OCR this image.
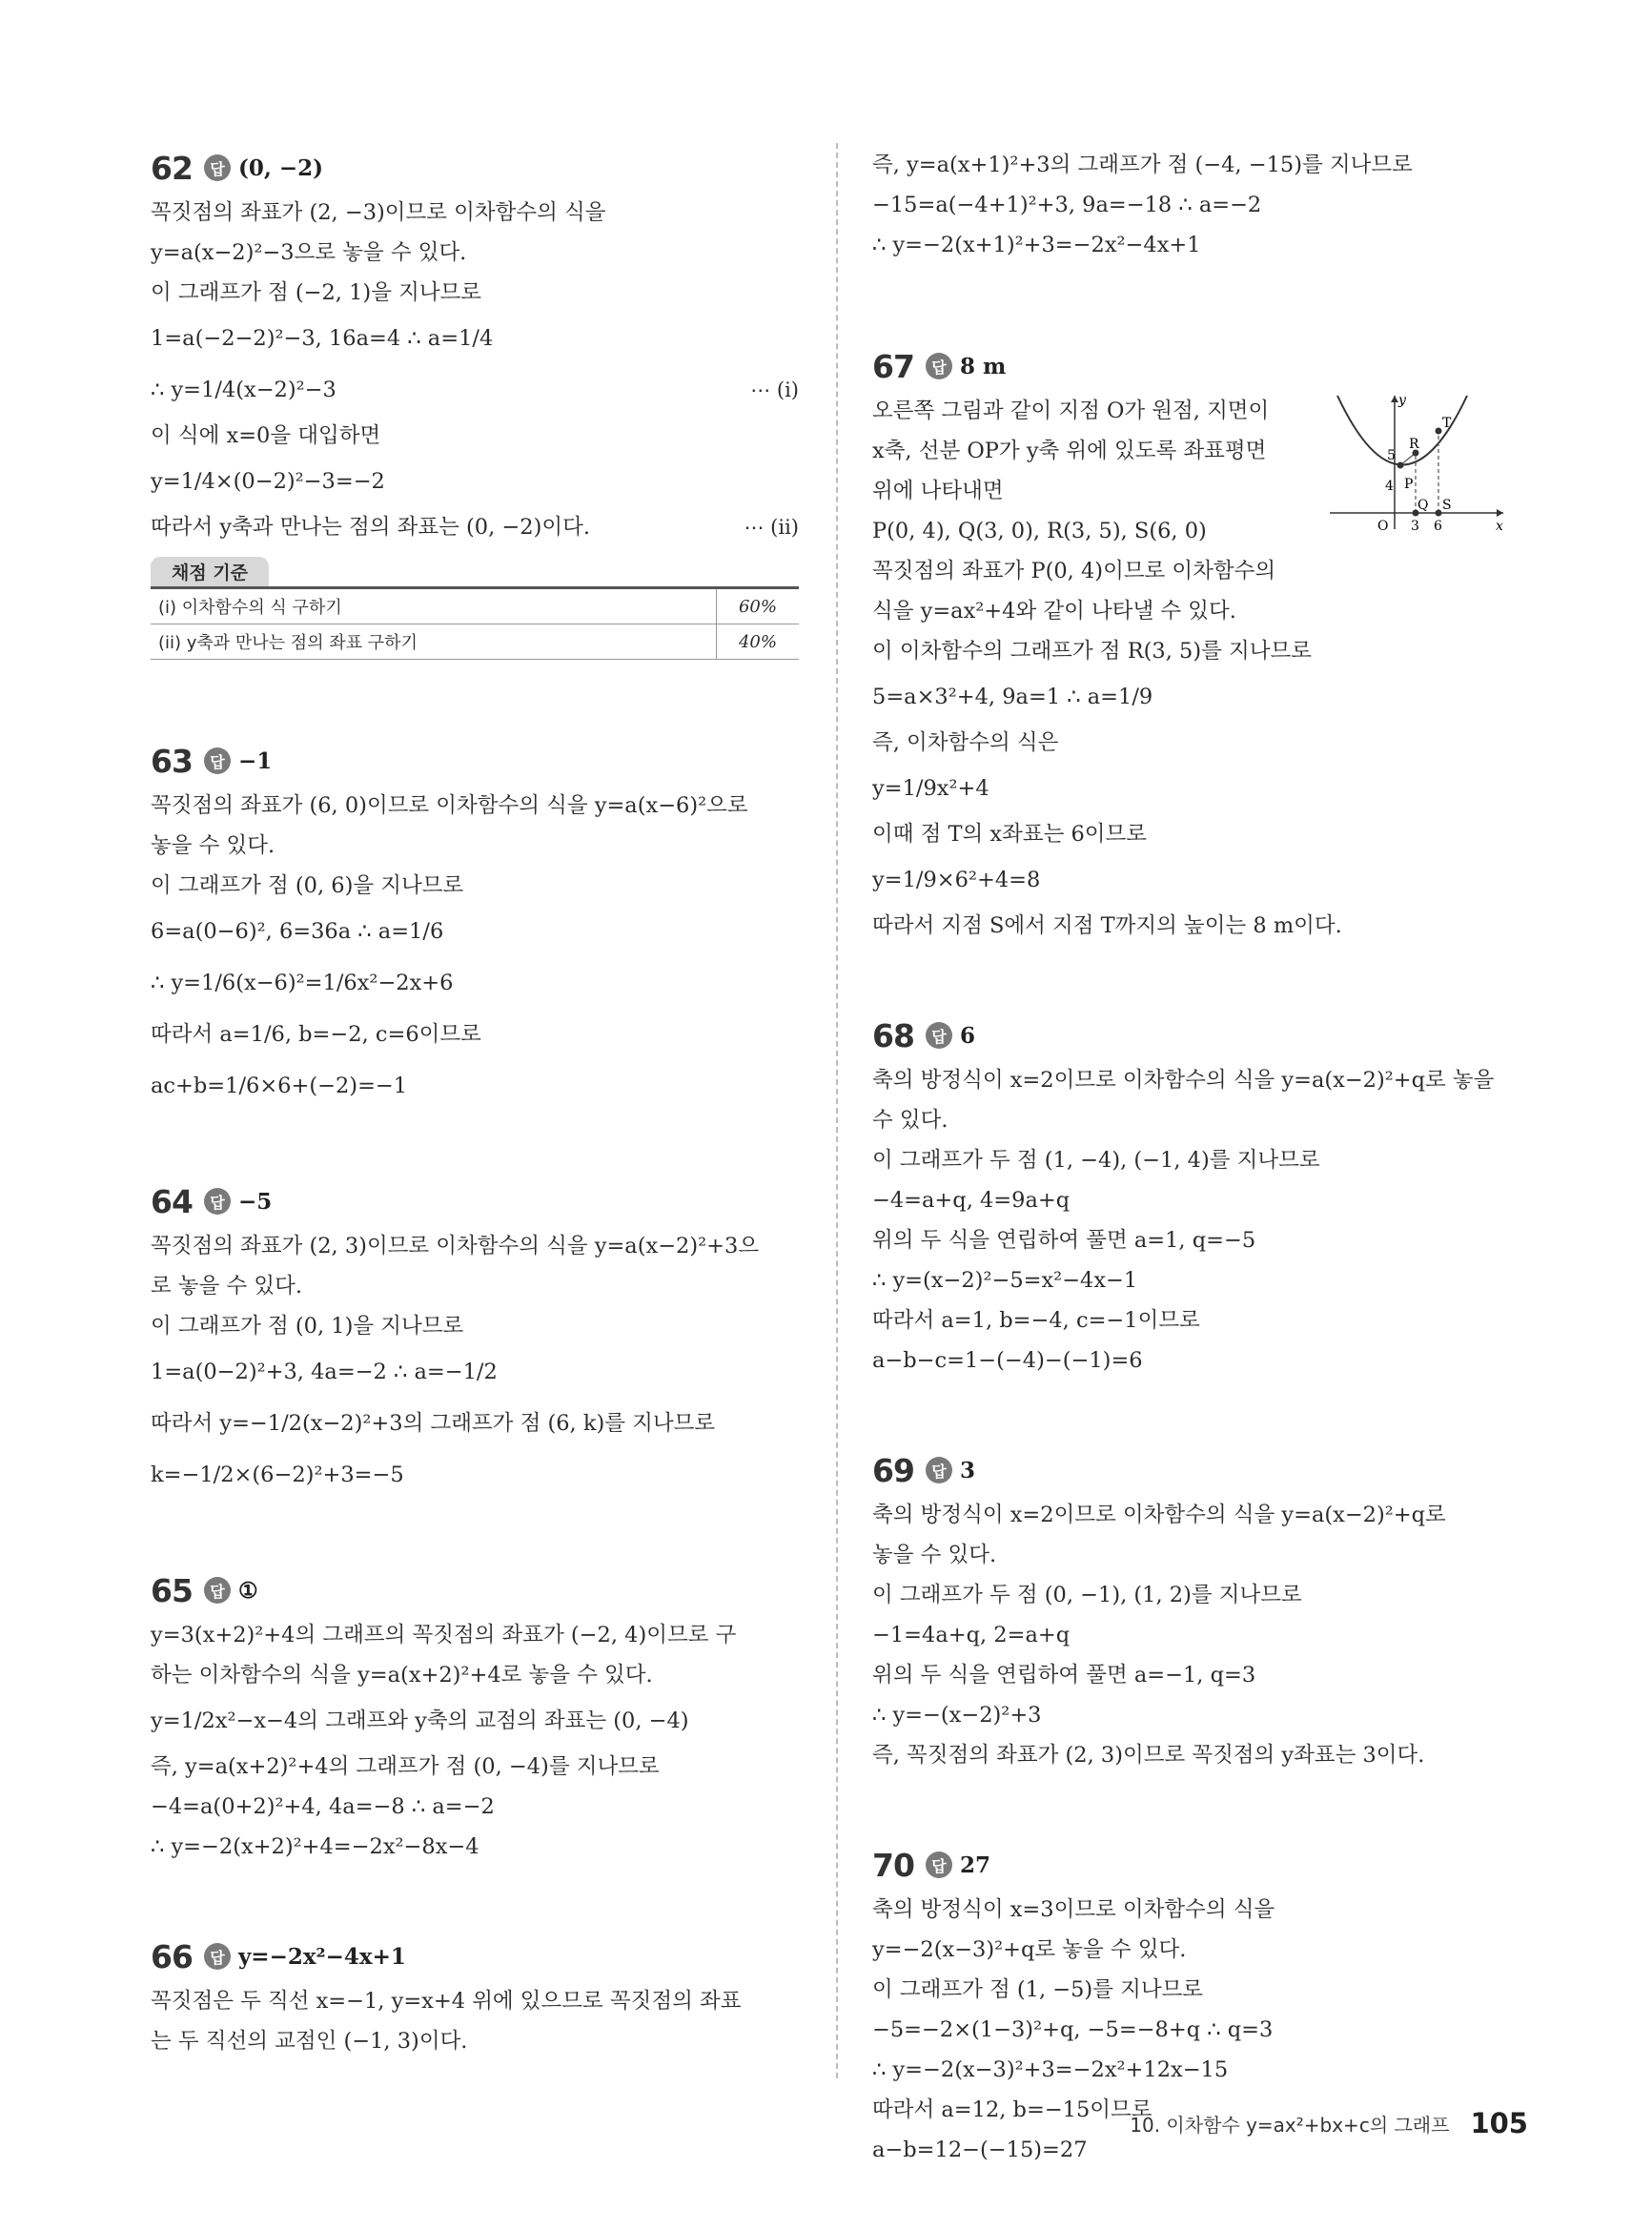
62	답 (0, −2)
꼭짓점의 좌표가 (2, −3)이므로 이차함수의 식을
y=a(x−2)²−3으로 놓을 수 있다.
이 그래프가 점 (−2, 1)을 지나므로
1=a(−2−2)²−3, 16a=4 ∴ a=1/4
∴ y=1/4(x−2)²−3	⋯ (i)
이 식에 x=0을 대입하면
y=1/4×(0−2)²−3=−2
따라서 y축과 만나는 점의 좌표는 (0, −2)이다.	⋯ (ii)
채점 기준
(i) 이차함수의 식 구하기	60%
(ii) y축과 만나는 점의 좌표 구하기	40%
63	답 −1
꼭짓점의 좌표가 (6, 0)이므로 이차함수의 식을 y=a(x−6)²으로
놓을 수 있다.
이 그래프가 점 (0, 6)을 지나므로
6=a(0−6)², 6=36a ∴ a=1/6
∴ y=1/6(x−6)²=1/6x²−2x+6
따라서 a=1/6, b=−2, c=6이므로
ac+b=1/6×6+(−2)=−1
64	답 −5
꼭짓점의 좌표가 (2, 3)이므로 이차함수의 식을 y=a(x−2)²+3으
로 놓을 수 있다.
이 그래프가 점 (0, 1)을 지나므로
1=a(0−2)²+3, 4a=−2 ∴ a=−1/2
따라서 y=−1/2(x−2)²+3의 그래프가 점 (6, k)를 지나므로
k=−1/2×(6−2)²+3=−5
65	답 ①
y=3(x+2)²+4의 그래프의 꼭짓점의 좌표가 (−2, 4)이므로 구
하는 이차함수의 식을 y=a(x+2)²+4로 놓을 수 있다.
y=1/2x²−x−4의 그래프와 y축의 교점의 좌표는 (0, −4)
즉, y=a(x+2)²+4의 그래프가 점 (0, −4)를 지나므로
−4=a(0+2)²+4, 4a=−8 ∴ a=−2
∴ y=−2(x+2)²+4=−2x²−8x−4
66	답 y=−2x²−4x+1
꼭짓점은 두 직선 x=−1, y=x+4 위에 있으므로 꼭짓점의 좌표
는 두 직선의 교점인 (−1, 3)이다.
즉, y=a(x+1)²+3의 그래프가 점 (−4, −15)를 지나므로
−15=a(−4+1)²+3, 9a=−18 ∴ a=−2
∴ y=−2(x+1)²+3=−2x²−4x+1
67	답 8 m
y
x
O
P
R
T
Q S
4
5
3 6
오른쪽 그림과 같이 지점 O가 원점, 지면이
x축, 선분 OP가 y축 위에 있도록 좌표평면
위에 나타내면
P(0, 4), Q(3, 0), R(3, 5), S(6, 0)
꼭짓점의 좌표가 P(0, 4)이므로 이차함수의
식을 y=ax²+4와 같이 나타낼 수 있다.
이 이차함수의 그래프가 점 R(3, 5)를 지나므로
5=a×3²+4, 9a=1 ∴ a=1/9
즉, 이차함수의 식은
y=1/9x²+4
이때 점 T의 x좌표는 6이므로
y=1/9×6²+4=8
따라서 지점 S에서 지점 T까지의 높이는 8 m이다.
68	답 6
축의 방정식이 x=2이므로 이차함수의 식을 y=a(x−2)²+q로 놓을
수 있다.
이 그래프가 두 점 (1, −4), (−1, 4)를 지나므로
−4=a+q, 4=9a+q
위의 두 식을 연립하여 풀면 a=1, q=−5
∴ y=(x−2)²−5=x²−4x−1
따라서 a=1, b=−4, c=−1이므로
a−b−c=1−(−4)−(−1)=6
69	답 3
축의 방정식이 x=2이므로 이차함수의 식을 y=a(x−2)²+q로
놓을 수 있다.
이 그래프가 두 점 (0, −1), (1, 2)를 지나므로
−1=4a+q, 2=a+q
위의 두 식을 연립하여 풀면 a=−1, q=3
∴ y=−(x−2)²+3
즉, 꼭짓점의 좌표가 (2, 3)이므로 꼭짓점의 y좌표는 3이다.
70	답 27
축의 방정식이 x=3이므로 이차함수의 식을
y=−2(x−3)²+q로 놓을 수 있다.
이 그래프가 점 (1, −5)를 지나므로
−5=−2×(1−3)²+q, −5=−8+q ∴ q=3
∴ y=−2(x−3)²+3=−2x²+12x−15
따라서 a=12, b=−15이므로
a−b=12−(−15)=27
10. 이차함수 y=ax²+bx+c의 그래프 105
